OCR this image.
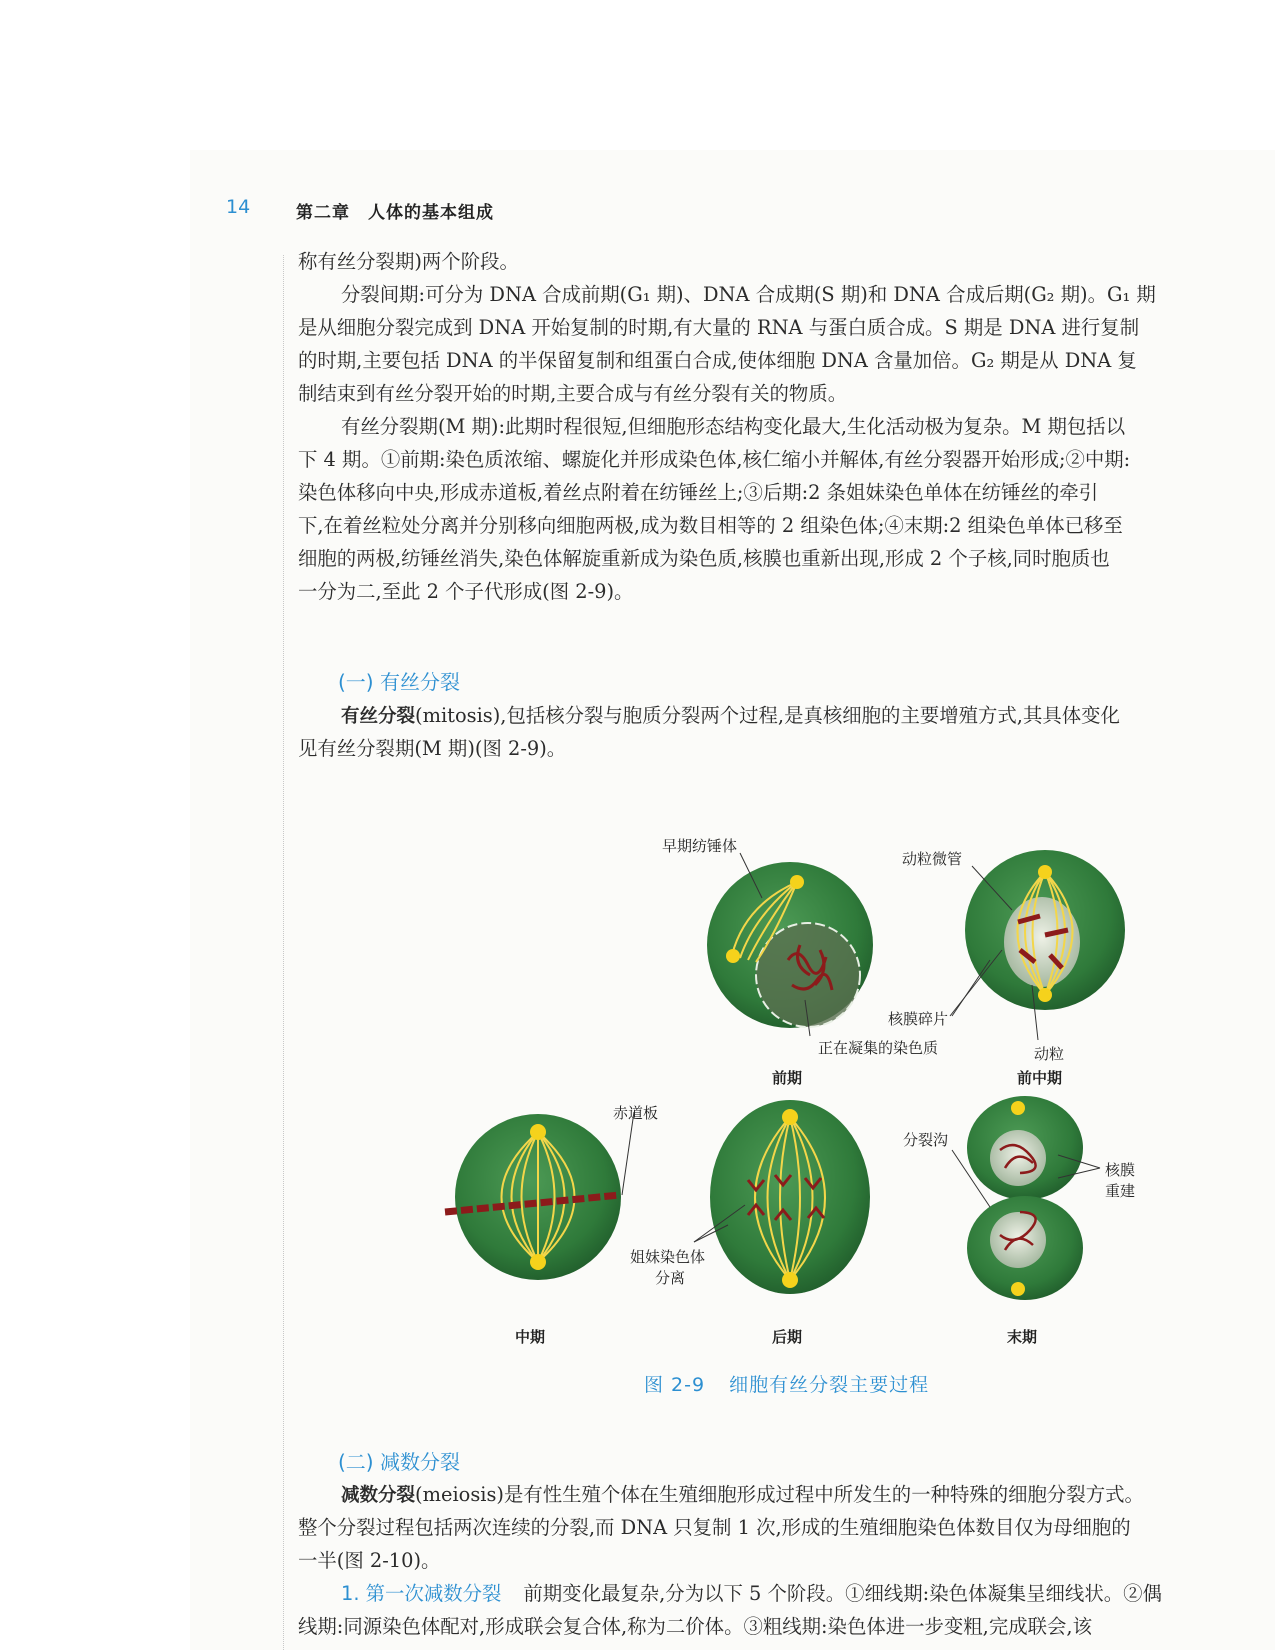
14	第二章　人体的基本组成
称有丝分裂期)两个阶段。
分裂间期:可分为 DNA 合成前期(G₁ 期)、DNA 合成期(S 期)和 DNA 合成后期(G₂ 期)。G₁ 期
是从细胞分裂完成到 DNA 开始复制的时期,有大量的 RNA 与蛋白质合成。S 期是 DNA 进行复制
的时期,主要包括 DNA 的半保留复制和组蛋白合成,使体细胞 DNA 含量加倍。G₂ 期是从 DNA 复
制结束到有丝分裂开始的时期,主要合成与有丝分裂有关的物质。
有丝分裂期(M 期):此期时程很短,但细胞形态结构变化最大,生化活动极为复杂。M 期包括以
下 4 期。①前期:染色质浓缩、螺旋化并形成染色体,核仁缩小并解体,有丝分裂器开始形成;②中期:
染色体移向中央,形成赤道板,着丝点附着在纺锤丝上;③后期:2 条姐妹染色单体在纺锤丝的牵引
下,在着丝粒处分离并分别移向细胞两极,成为数目相等的 2 组染色体;④末期:2 组染色单体已移至
细胞的两极,纺锤丝消失,染色体解旋重新成为染色质,核膜也重新出现,形成 2 个子核,同时胞质也
一分为二,至此 2 个子代形成(图 2-9)。
(一) 有丝分裂
有丝分裂(mitosis),包括核分裂与胞质分裂两个过程,是真核细胞的主要增殖方式,其具体变化
见有丝分裂期(M 期)(图 2-9)。
早期纺锤体
动粒微管
核膜碎片
正在凝集的染色质	动粒
前期	前中期
赤道板
分裂沟
核膜
重建
姐妹染色体
分离
中期	后期	末期
图 2-9 细胞有丝分裂主要过程
(二) 减数分裂
减数分裂(meiosis)是有性生殖个体在生殖细胞形成过程中所发生的一种特殊的细胞分裂方式。
整个分裂过程包括两次连续的分裂,而 DNA 只复制 1 次,形成的生殖细胞染色体数目仅为母细胞的
一半(图 2-10)。
1. 第一次减数分裂 前期变化最复杂,分为以下 5 个阶段。①细线期:染色体凝集呈细线状。②偶
线期:同源染色体配对,形成联会复合体,称为二价体。③粗线期:染色体进一步变粗,完成联会,该
